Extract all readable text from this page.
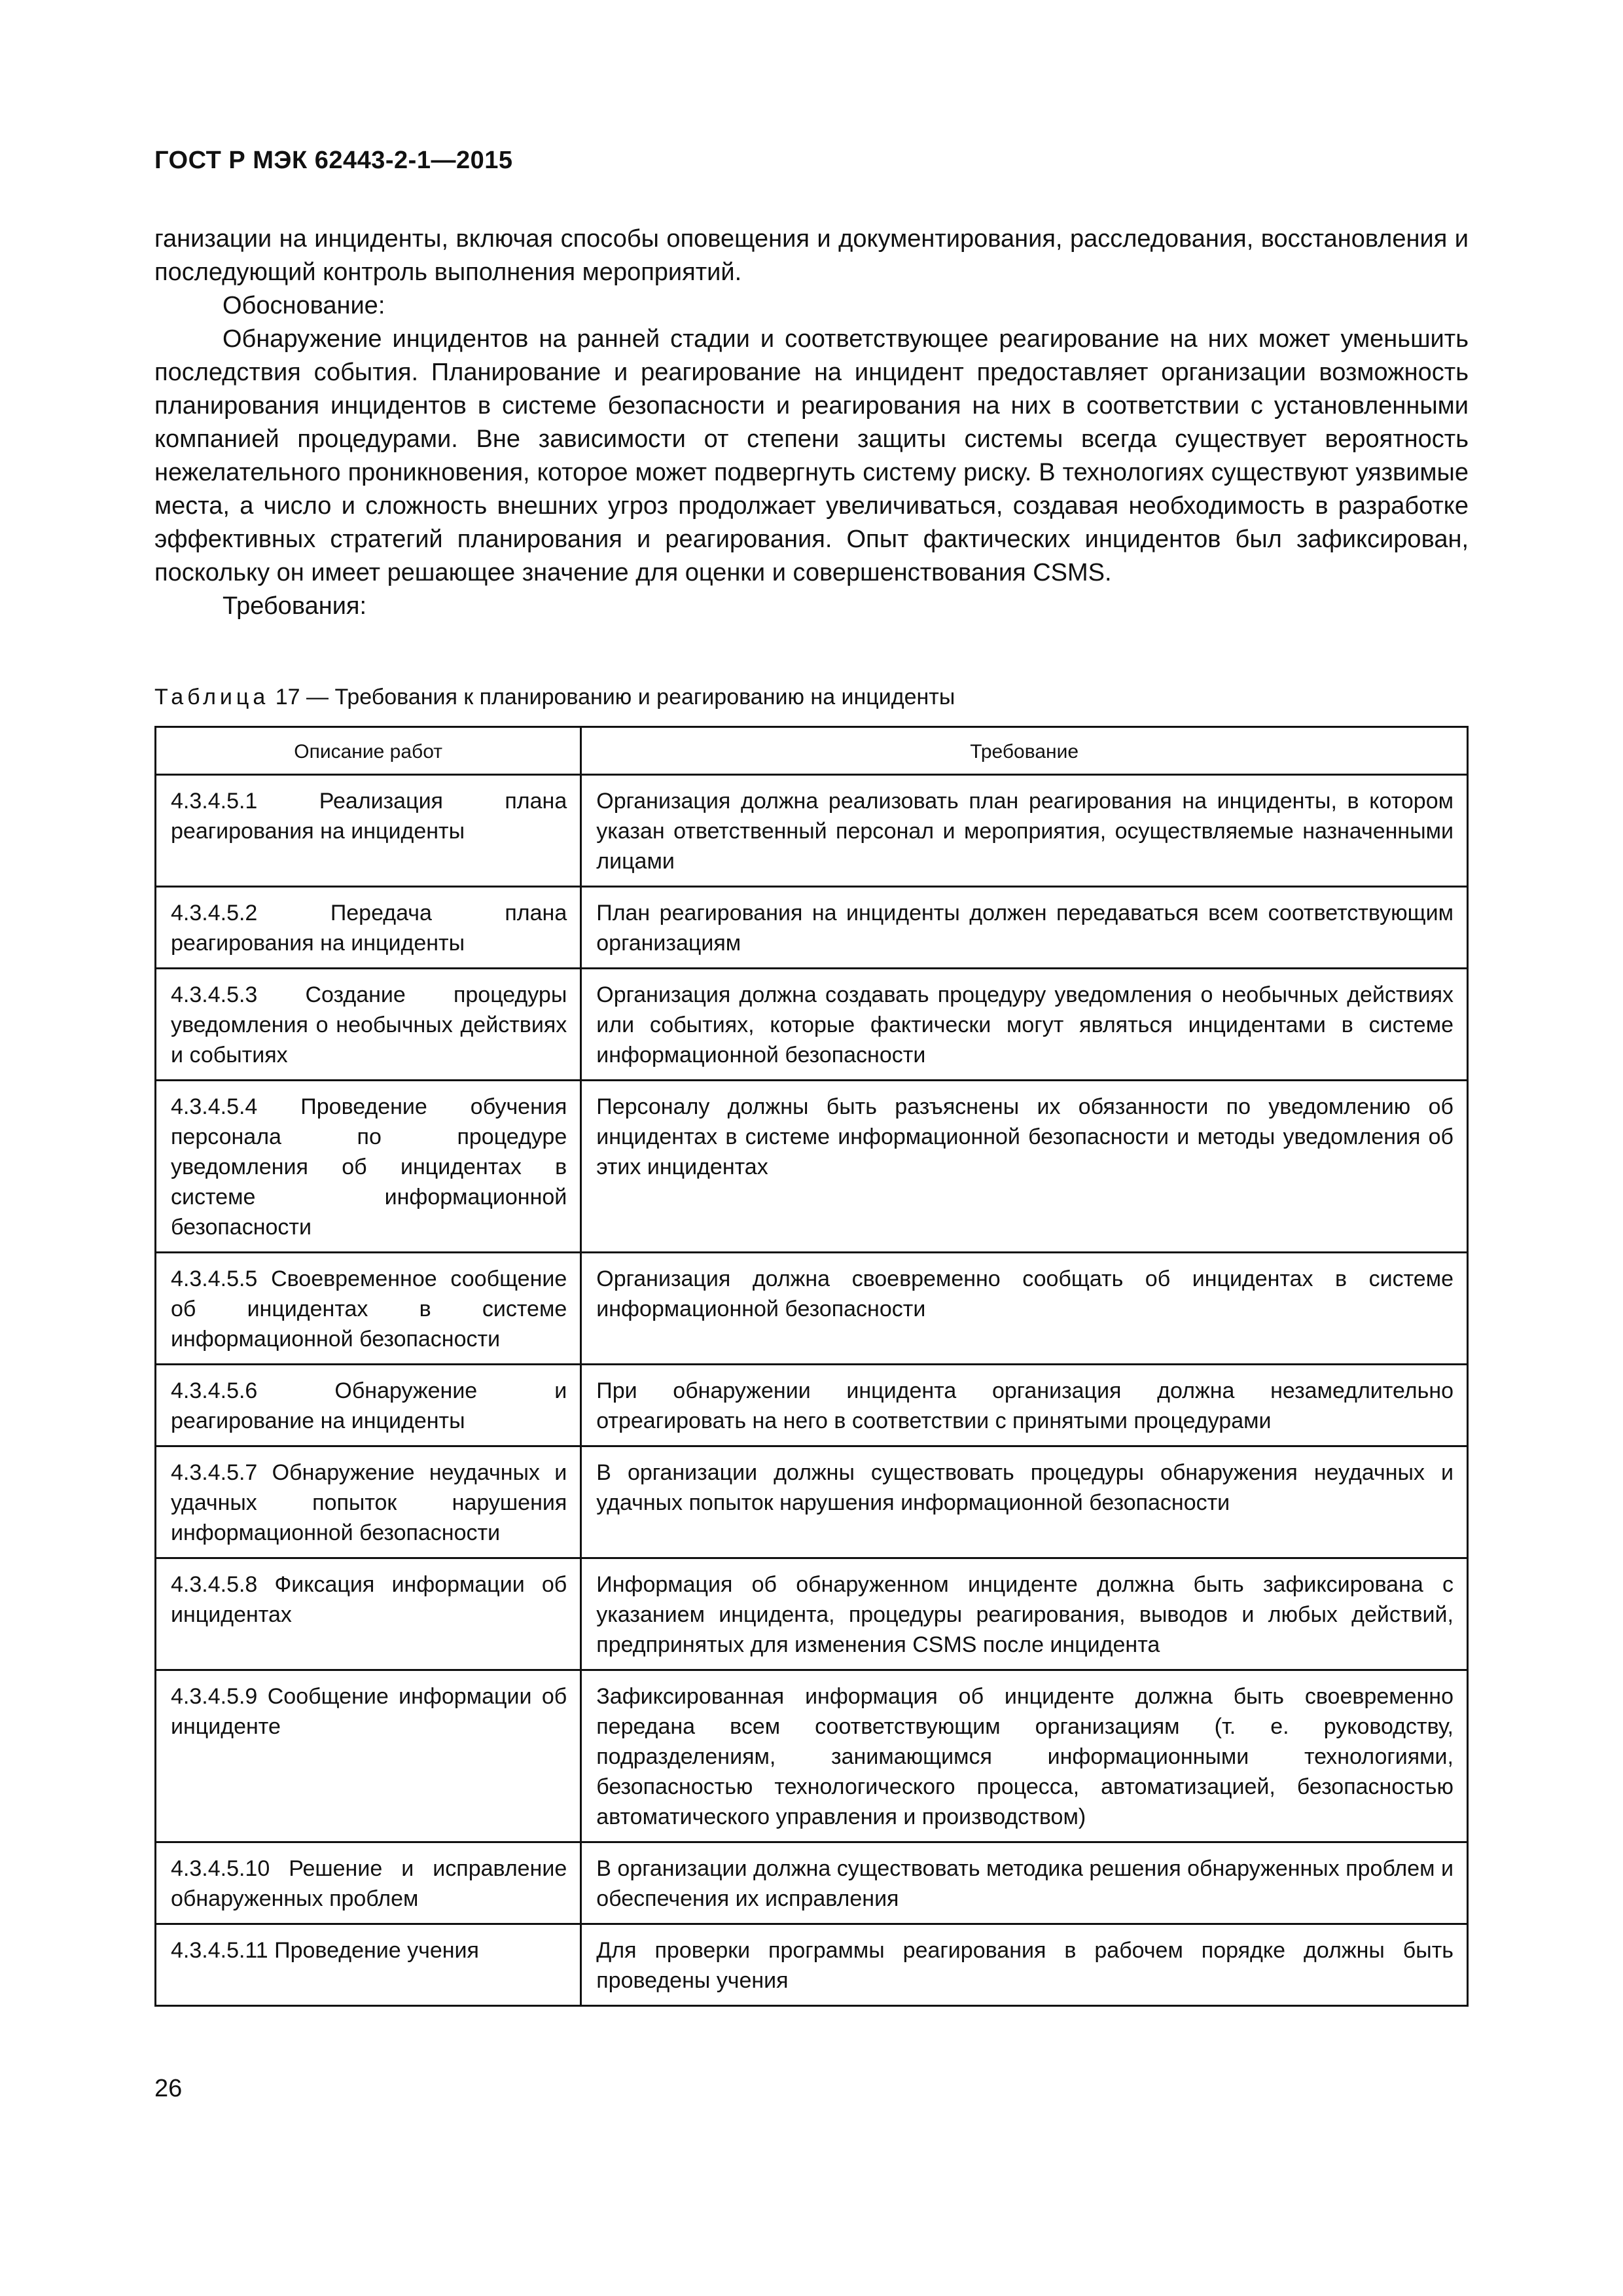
ГОСТ Р МЭК 62443-2-1—2015

ганизации на инциденты, включая способы оповещения и документирования, расследования, восстановления и последующий контроль выполнения мероприятий.

Обоснование:

Обнаружение инцидентов на ранней стадии и соответствующее реагирование на них может уменьшить последствия события. Планирование и реагирование на инцидент предоставляет организации возможность планирования инцидентов в системе безопасности и реагирования на них в соответствии с установленными компанией процедурами. Вне зависимости от степени защиты системы всегда существует вероятность нежелательного проникновения, которое может подвергнуть систему риску. В технологиях существуют уязвимые места, а число и сложность внешних угроз продолжает увеличиваться, создавая необходимость в разработке эффективных стратегий планирования и реагирования. Опыт фактических инцидентов был зафиксирован, поскольку он имеет решающее значение для оценки и совершенствования CSMS.

Требования:

Таблица 17 — Требования к планированию и реагированию на инциденты
Описание работ	Требование
4.3.4.5.1 Реализация плана реагирования на инциденты	Организация должна реализовать план реагирования на инциденты, в котором указан ответственный персонал и мероприятия, осуществляемые назначенными лицами
4.3.4.5.2 Передача плана реагирования на инциденты	План реагирования на инциденты должен передаваться всем соответствующим организациям
4.3.4.5.3 Создание процедуры уведомления о необычных действиях и событиях	Организация должна создавать процедуру уведомления о необычных действиях или событиях, которые фактически могут являться инцидентами в системе информационной безопасности
4.3.4.5.4 Проведение обучения персонала по процедуре уведомления об инцидентах в системе информационной безопасности	Персоналу должны быть разъяснены их обязанности по уведомлению об инцидентах в системе информационной безопасности и методы уведомления об этих инцидентах
4.3.4.5.5 Своевременное сообщение об инцидентах в системе информационной безопасности	Организация должна своевременно сообщать об инцидентах в системе информационной безопасности
4.3.4.5.6 Обнаружение и реагирование на инциденты	При обнаружении инцидента организация должна незамедлительно отреагировать на него в соответствии с принятыми процедурами
4.3.4.5.7 Обнаружение неудачных и удачных попыток нарушения информационной безопасности	В организации должны существовать процедуры обнаружения неудачных и удачных попыток нарушения информационной безопасности
4.3.4.5.8 Фиксация информации об инцидентах	Информация об обнаруженном инциденте должна быть зафиксирована с указанием инцидента, процедуры реагирования, выводов и любых действий, предпринятых для изменения CSMS после инцидента
4.3.4.5.9 Сообщение информации об инциденте	Зафиксированная информация об инциденте должна быть своевременно передана всем соответствующим организациям (т. е. руководству, подразделениям, занимающимся информационными технологиями, безопасностью технологического процесса, автоматизацией, безопасностью автоматического управления и производством)
4.3.4.5.10 Решение и исправление обнаруженных проблем	В организации должна существовать методика решения обнаруженных проблем и обеспечения их исправления
4.3.4.5.11 Проведение учения	Для проверки программы реагирования в рабочем порядке должны быть проведены учения
26
